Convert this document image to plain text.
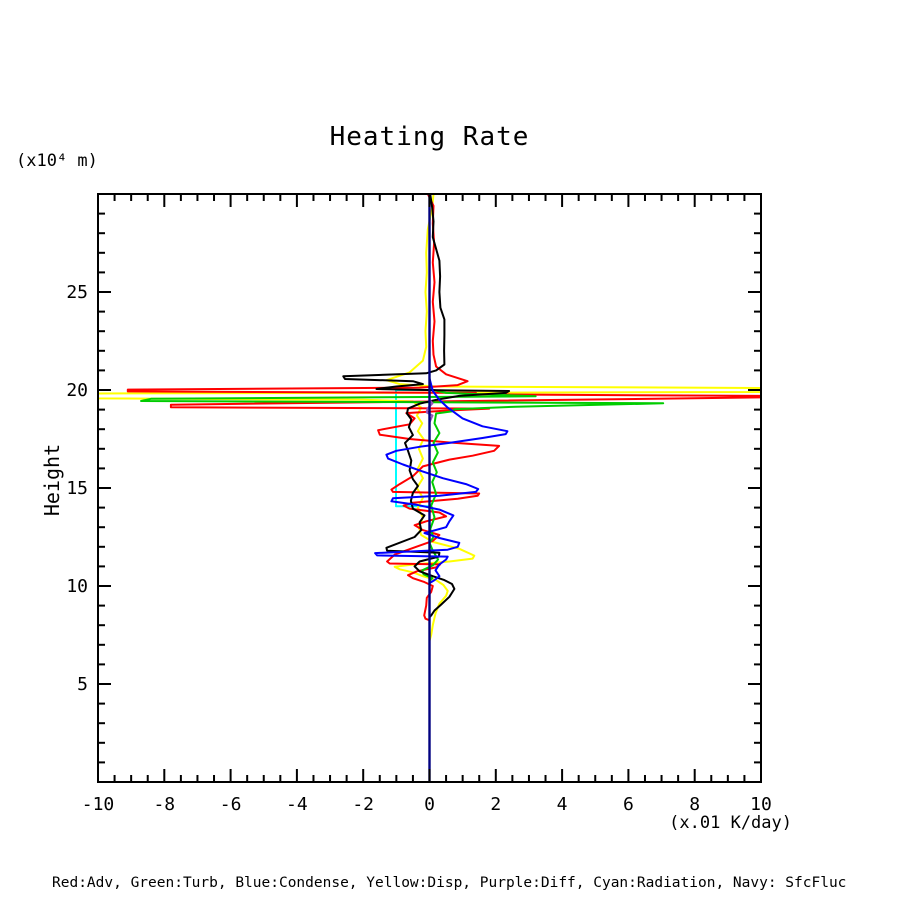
Heating Rate
(x10⁴ m)
Height
-10 -8 -6 -4 -2	0	2	4	6	8	10
5
10
15
20
25
(x.01 K/day)
Red:Adv, Green:Turb, Blue:Condense, Yellow:Disp, Purple:Diff, Cyan:Radiation, Navy: SfcFluc
